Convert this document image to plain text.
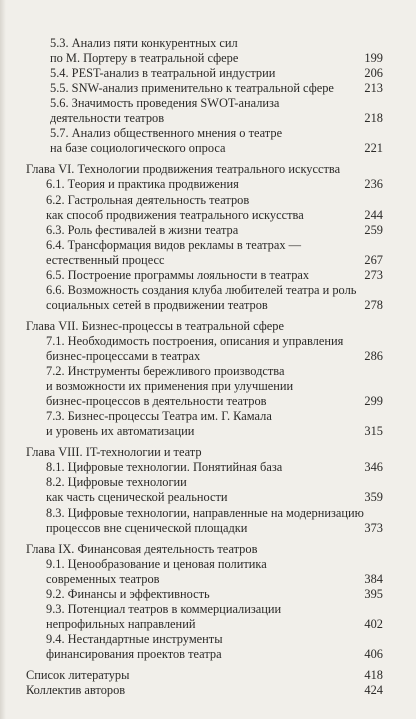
5.3. Анализ пяти конкурентных сил
по М. Портеру в театральной сфере	199
5.4. PEST-анализ в театральной индустрии	206
5.5. SNW-анализ применительно к театральной сфере 213
5.6. Значимость проведения SWOT-анализа
деятельности театров	218
5.7. Анализ общественного мнения о театре
на базе социологического опроса	221
Глава VI. Технологии продвижения театрального искусства
6.1. Теория и практика продвижения	236
6.2. Гастрольная деятельность театров
как способ продвижения театрального искусства	244
6.3. Роль фестивалей в жизни театра	259
6.4. Трансформация видов рекламы в театрах —
естественный процесс	267
6.5. Построение программы лояльности в театрах	273
6.6. Возможность создания клуба любителей театра и роль
социальных сетей в продвижении театров	278
Глава VII. Бизнес-процессы в театральной сфере
7.1. Необходимость построения, описания и управления
бизнес-процессами в театрах	286
7.2. Инструменты бережливого производства
и возможности их применения при улучшении
бизнес-процессов в деятельности театров	299
7.3. Бизнес-процессы Театра им. Г. Камала
и уровень их автоматизации	315
Глава VIII. IT-технологии и театр
8.1. Цифровые технологии. Понятийная база	346
8.2. Цифровые технологии
как часть сценической реальности	359
8.3. Цифровые технологии, направленные на модернизацию
процессов вне сценической площадки	373
Глава IX. Финансовая деятельность театров
9.1. Ценообразование и ценовая политика
современных театров	384
9.2. Финансы и эффективность	395
9.3. Потенциал театров в коммерциализации
непрофильных направлений	402
9.4. Нестандартные инструменты
финансирования проектов театра	406
Список литературы	418
Коллектив авторов	424
